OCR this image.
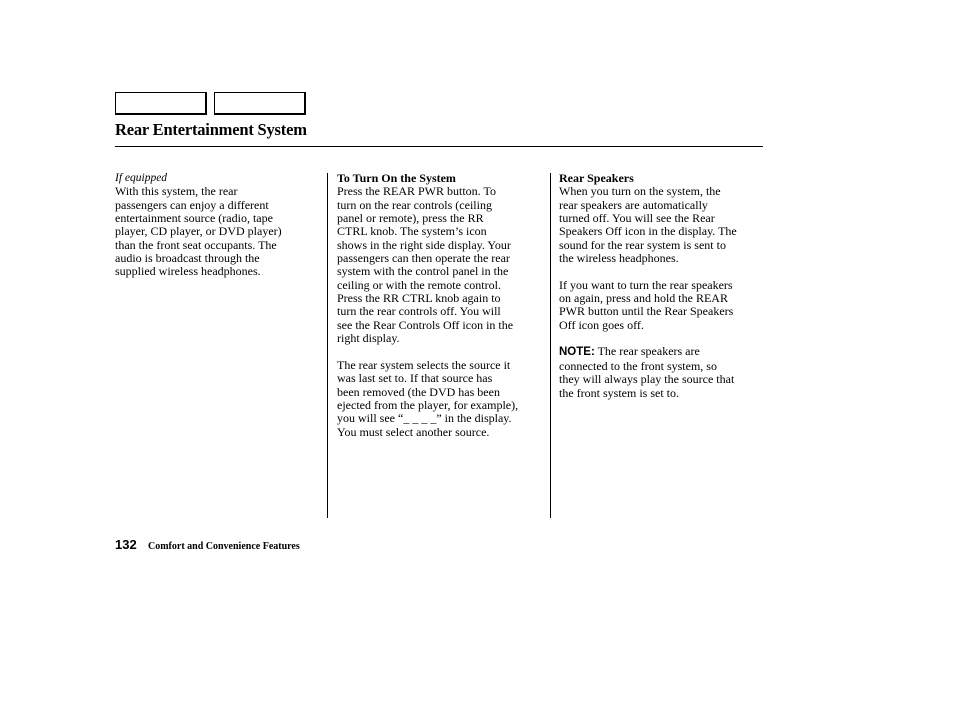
Rear Entertainment System
If equipped

With this system, the rear
passengers can enjoy a different
entertainment source (radio, tape
player, CD player, or DVD player)
than the front seat occupants. The
audio is broadcast through the
supplied wireless headphones.

To Turn On the System

Press the REAR PWR button. To
turn on the rear controls (ceiling
panel or remote), press the RR
CTRL knob. The system’s icon
shows in the right side display. Your
passengers can then operate the rear
system with the control panel in the
ceiling or with the remote control.
Press the RR CTRL knob again to
turn the rear controls off. You will
see the Rear Controls Off icon in the
right display.

The rear system selects the source it
was last set to. If that source has
been removed (the DVD has been
ejected from the player, for example),
you will see “_ _ _ _” in the display.
You must select another source.

Rear Speakers

When you turn on the system, the
rear speakers are automatically
turned off. You will see the Rear
Speakers Off icon in the display. The
sound for the rear system is sent to
the wireless headphones.

If you want to turn the rear speakers
on again, press and hold the REAR
PWR button until the Rear Speakers
Off icon goes off.

NOTE: The rear speakers are
connected to the front system, so
they will always play the source that
the front system is set to.

132 Comfort and Convenience Features
